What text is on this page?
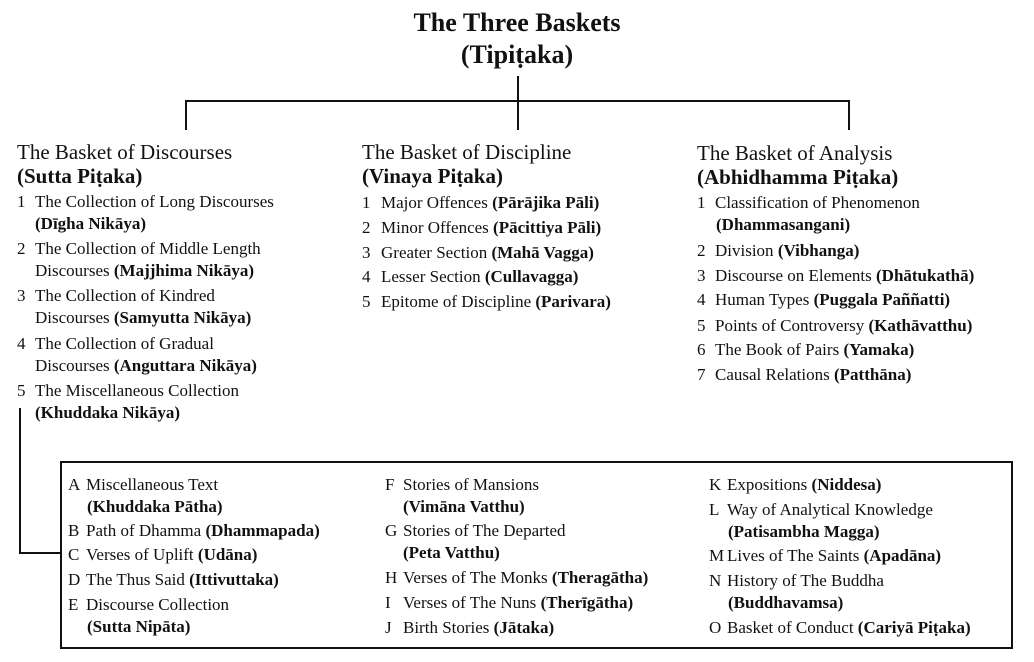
The Three Baskets
(Tipiṭaka)
The Basket of Discourses
(Sutta Piṭaka)
1 The Collection of Long Discourses
(Dīgha Nikāya)
2 The Collection of Middle Length
Discourses (Majjhima Nikāya)
3 The Collection of Kindred
Discourses (Samyutta Nikāya)
4 The Collection of Gradual
Discourses (Anguttara Nikāya)
5 The Miscellaneous Collection
(Khuddaka Nikāya)
The Basket of Discipline
(Vinaya Piṭaka)
1 Major Offences (Pārājika Pāli)
2 Minor Offences (Pācittiya Pāli)
3 Greater Section (Mahā Vagga)
4 Lesser Section (Cullavagga)
5 Epitome of Discipline (Parivara)
The Basket of Analysis
(Abhidhamma Piṭaka)
1 Classification of Phenomenon
(Dhammasangani)
2 Division (Vibhanga)
3 Discourse on Elements (Dhātukathā)
4 Human Types (Puggala Paññatti)
5 Points of Controversy (Kathāvatthu)
6 The Book of Pairs (Yamaka)
7 Causal Relations (Patthāna)
A Miscellaneous Text
(Khuddaka Pātha)
B Path of Dhamma (Dhammapada)
C Verses of Uplift (Udāna)
D The Thus Said (Ittivuttaka)
E Discourse Collection
(Sutta Nipāta)
F Stories of Mansions
(Vimāna Vatthu)
G Stories of The Departed
(Peta Vatthu)
H Verses of The Monks (Theragātha)
I Verses of The Nuns (Therīgātha)
J Birth Stories (Jātaka)
K Expositions (Niddesa)
L Way of Analytical Knowledge
(Patisambha Magga)
M Lives of The Saints (Apadāna)
N History of The Buddha
(Buddhavamsa)
O Basket of Conduct (Cariyā Piṭaka)
